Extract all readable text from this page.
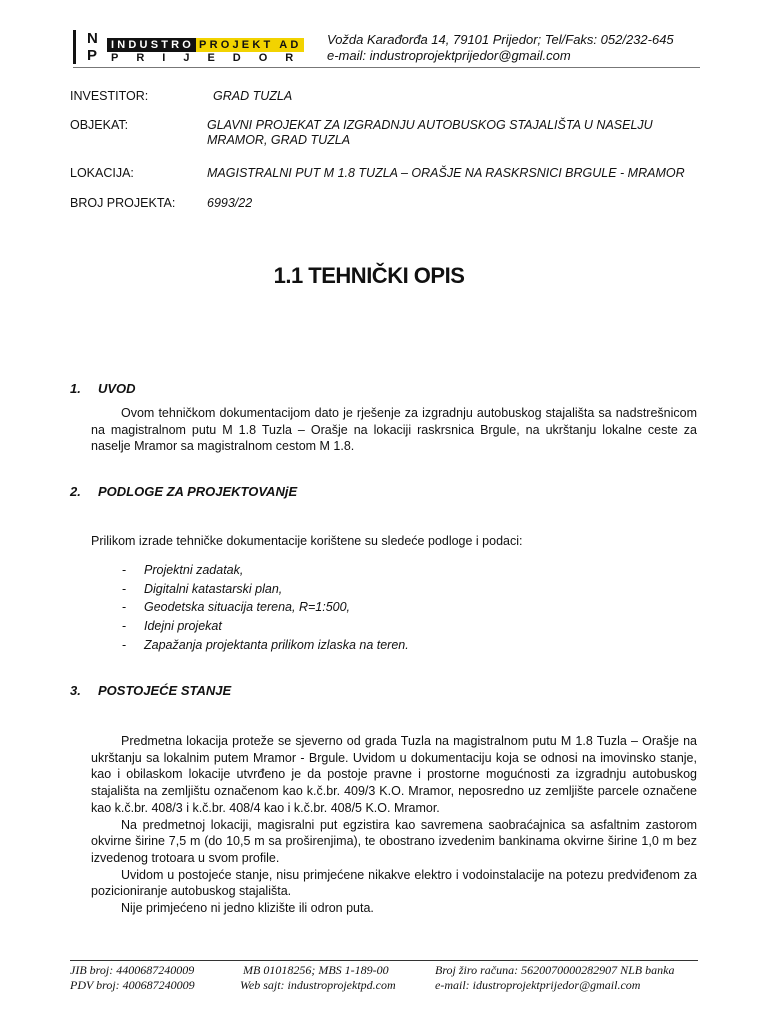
N
P
INDUSTRO PROJEKT AD
PRIJEDOR
Vožda Karađorđa 14, 79101 Prijedor; Tel/Faks: 052/232-645
e-mail: industroprojektprijedor@gmail.com
INVESTITOR:	GRAD TUZLA
OBJEKAT:	GLAVNI PROJEKAT ZA IZGRADNJU AUTOBUSKOG STAJALIŠTA U NASELJU MRAMOR, GRAD TUZLA
LOKACIJA:	MAGISTRALNI PUT M 1.8 TUZLA – ORAŠJE NA RASKRSNICI BRGULE - MRAMOR
BROJ PROJEKTA:	6993/22
1.1 TEHNIČKI OPIS
1. UVOD

Ovom tehničkom dokumentacijom dato je rješenje za izgradnju autobuskog stajališta sa nadstrešnicom na magistralnom putu M 1.8 Tuzla – Orašje na lokaciji raskrsnica Brgule, na ukrštanju lokalne ceste za naselje Mramor sa magistralnom cestom M 1.8.

2. PODLOGE ZA PROJEKTOVANjE
Prilikom izrade tehničke dokumentacije korištene su sledeće podloge i podaci:
- Projektni zadatak,
- Digitalni katastarski plan,
- Geodetska situacija terena, R=1:500,
- Idejni projekat
- Zapažanja projektanta prilikom izlaska na teren.
3. POSTOJEĆE STANJE

Predmetna lokacija proteže se sjeverno od grada Tuzla na magistralnom putu M 1.8 Tuzla – Orašje na ukrštanju sa lokalnim putem Mramor - Brgule. Uvidom u dokumentaciju koja se odnosi na imovinsko stanje, kao i obilaskom lokacije utvrđeno je da postoje pravne i prostorne mogućnosti za izgradnju autobuskog stajališta na zemljištu označenom kao k.č.br. 409/3 K.O. Mramor, neposredno uz zemljište parcele označene kao k.č.br. 408/3 i k.č.br. 408/4 kao i k.č.br. 408/5 K.O. Mramor.

Na predmetnoj lokaciji, magisralni put egzistira kao savremena saobraćajnica sa asfaltnim zastorom okvirne širine 7,5 m (do 10,5 m sa proširenjima), te obostrano izvedenim bankinama okvirne širine 1,0 m bez izvedenog trotoara u svom profile.

Uvidom u postojeće stanje, nisu primjećene nikakve elektro i vodoinstalacije na potezu predviđenom za pozicioniranje autobuskog stajališta.

Nije primjećeno ni jedno klizište ili odron puta.

JIB broj: 4400687240009
PDV broj: 400687240009
MB 01018256; MBS 1-189-00
Web sajt: industroprojektpd.com
Broj žiro računa: 5620070000282907 NLB banka
e-mail: idustroprojektprijedor@gmail.com
